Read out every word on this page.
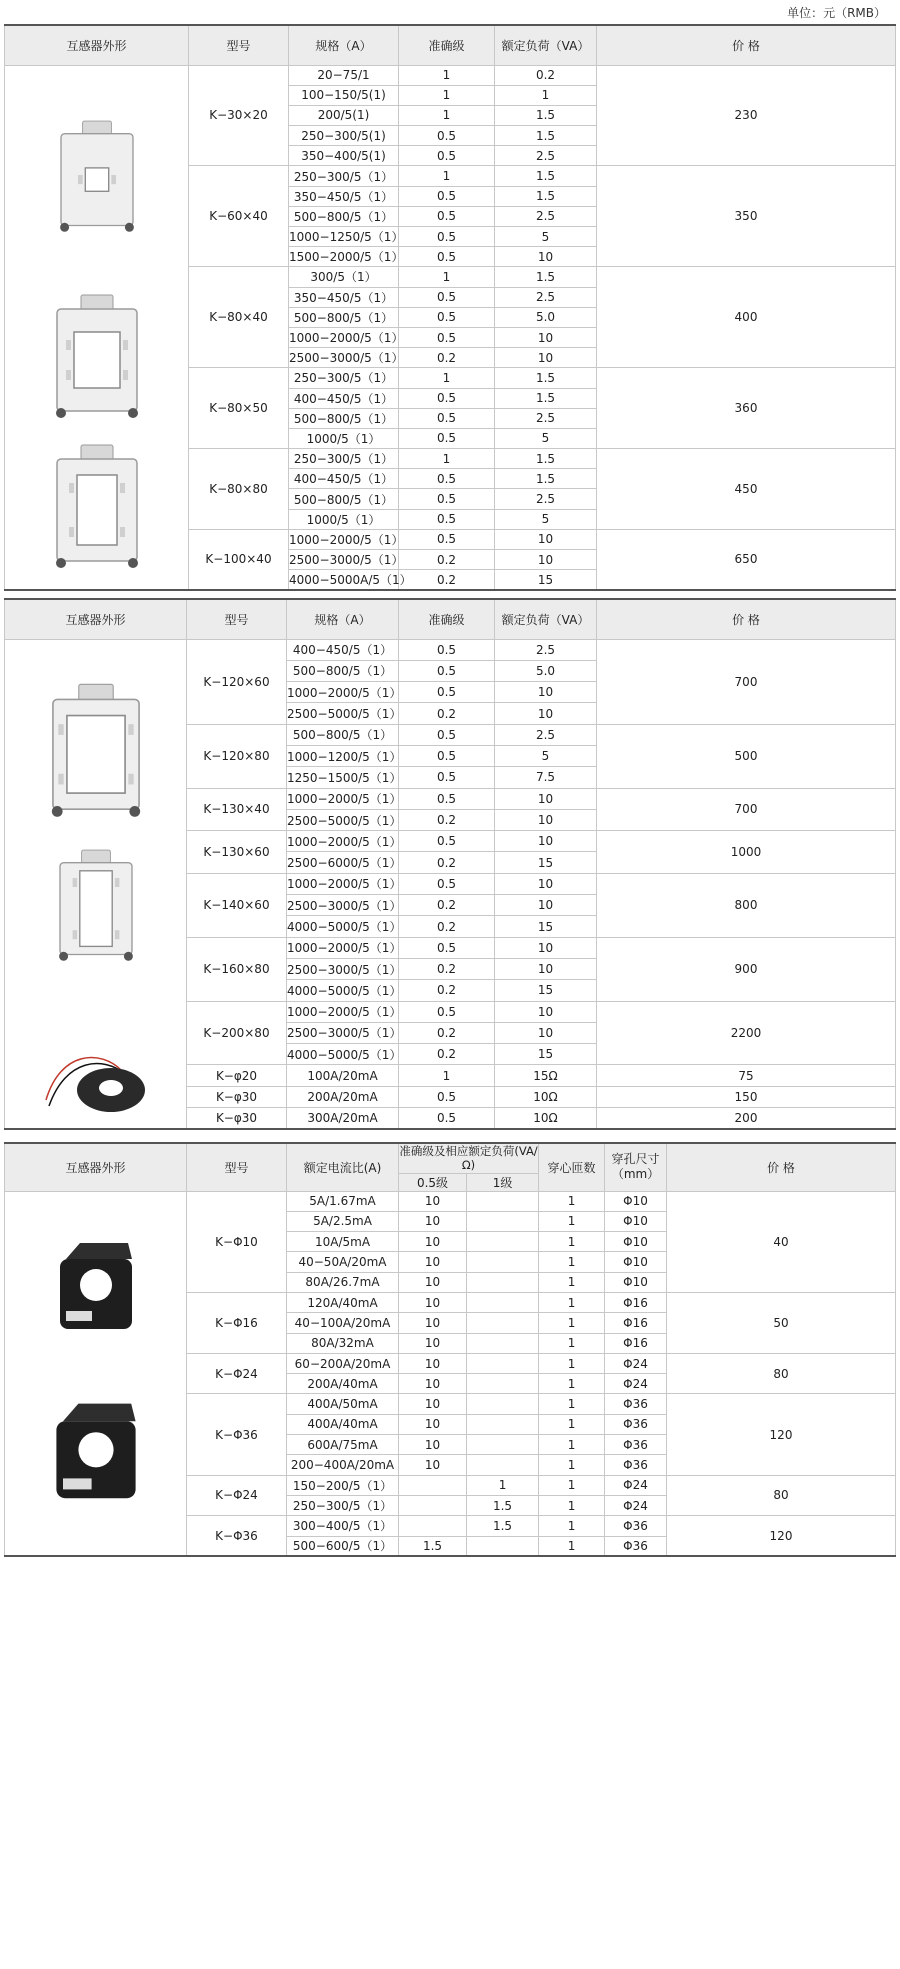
单位：元（RMB）
互感器外形	型号	规格（A）	准确级	额定负荷（VA）	价 格

	K−30×20	20−75/1	1	0.2	230
		100−150/5(1)	1	1	
		200/5(1)	1	1.5	
		250−300/5(1)	0.5	1.5	
		350−400/5(1)	0.5	2.5	
	K−60×40	250−300/5（1）	1	1.5	350
		350−450/5（1）	0.5	1.5	
		500−800/5（1）	0.5	2.5	
		1000−1250/5（1）	0.5	5	
		1500−2000/5（1）	0.5	10	
	K−80×40	300/5（1）	1	1.5	400
		350−450/5（1）	0.5	2.5	
		500−800/5（1）	0.5	5.0	
		1000−2000/5（1）	0.5	10	
		2500−3000/5（1）	0.2	10	
	K−80×50	250−300/5（1）	1	1.5	360
		400−450/5（1）	0.5	1.5	
		500−800/5（1）	0.5	2.5	
		1000/5（1）	0.5	5	
	K−80×80	250−300/5（1）	1	1.5	450
		400−450/5（1）	0.5	1.5	
		500−800/5（1）	0.5	2.5	
		1000/5（1）	0.5	5	
	K−100×40	1000−2000/5（1）	0.5	10	650
		2500−3000/5（1）	0.2	10	
		4000−5000A/5（1）	0.2	15	
互感器外形	型号	规格（A）	准确级	额定负荷（VA）	价 格

	K−120×60	400−450/5（1）	0.5	2.5	700
		500−800/5（1）	0.5	5.0	
		1000−2000/5（1）	0.5	10	
		2500−5000/5（1）	0.2	10	
	K−120×80	500−800/5（1）	0.5	2.5	500
		1000−1200/5（1）	0.5	5	
		1250−1500/5（1）	0.5	7.5	
	K−130×40	1000−2000/5（1）	0.5	10	700
		2500−5000/5（1）	0.2	10	
	K−130×60	1000−2000/5（1）	0.5	10	1000
		2500−6000/5（1）	0.2	15	
	K−140×60	1000−2000/5（1）	0.5	10	800
		2500−3000/5（1）	0.2	10	
		4000−5000/5（1）	0.2	15	
	K−160×80	1000−2000/5（1）	0.5	10	900
		2500−3000/5（1）	0.2	10	
		4000−5000/5（1）	0.2	15	
	K−200×80	1000−2000/5（1）	0.5	10	2200
		2500−3000/5（1）	0.2	10	
		4000−5000/5（1）	0.2	15	
	K−φ20	100A/20mA	1	15Ω	75
	K−φ30	200A/20mA	0.5	10Ω	150
	K−φ30	300A/20mA	0.5	10Ω	200
互感器外形	型号	额定电流比(A)	准确级及相应额定负荷(VA/Ω)		穿心匝数	穿孔尺寸（mm）	价 格
			0.5级	1级			

	K−Φ10	5A/1.67mA	10		1	Φ10	40
		5A/2.5mA	10		1	Φ10	
		10A/5mA	10		1	Φ10	
		40−50A/20mA	10		1	Φ10	
		80A/26.7mA	10		1	Φ10	
	K−Φ16	120A/40mA	10		1	Φ16	50
		40−100A/20mA	10		1	Φ16	
		80A/32mA	10		1	Φ16	
	K−Φ24	60−200A/20mA	10		1	Φ24	80
		200A/40mA	10		1	Φ24	
	K−Φ36	400A/50mA	10		1	Φ36	120
		400A/40mA	10		1	Φ36	
		600A/75mA	10		1	Φ36	
		200−400A/20mA	10		1	Φ36	
	K−Φ24	150−200/5（1）		1	1	Φ24	80
		250−300/5（1）		1.5	1	Φ24	
	K−Φ36	300−400/5（1）		1.5	1	Φ36	120
		500−600/5（1）	1.5		1	Φ36	
